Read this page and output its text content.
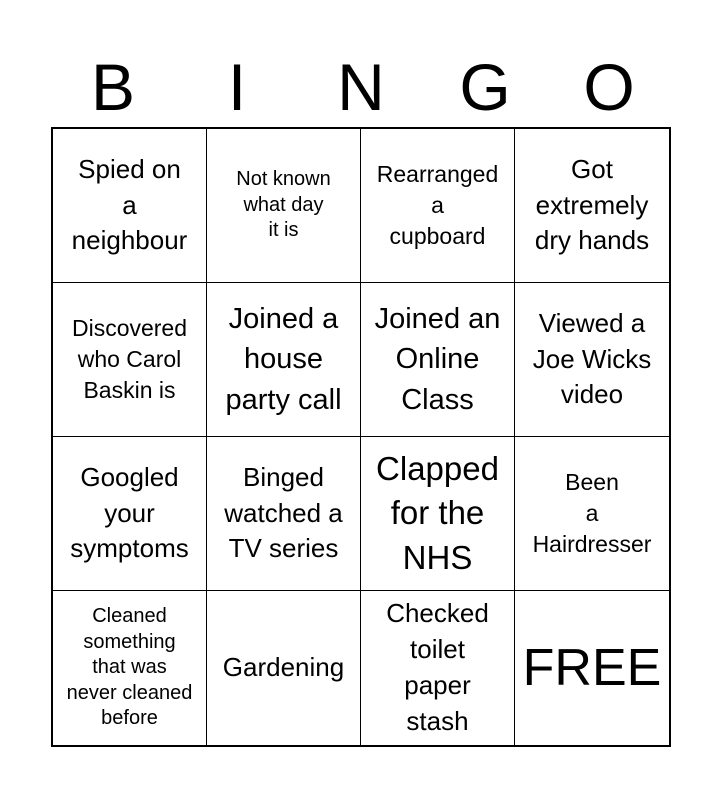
B	I	N	G	O
Spied on
a
neighbour
Not known
what day
it is
Rearranged
a
cupboard
Got
extremely
dry hands
Discovered
who Carol
Baskin is
Joined a
house
party call
Joined an
Online
Class
Viewed a
Joe Wicks
video
Googled
your
symptoms
Binged
watched a
TV series
Clapped
for the
NHS
Been
a
Hairdresser
Cleaned
something
that was
never cleaned
before
Gardening
Checked
toilet
paper
stash
FREE
